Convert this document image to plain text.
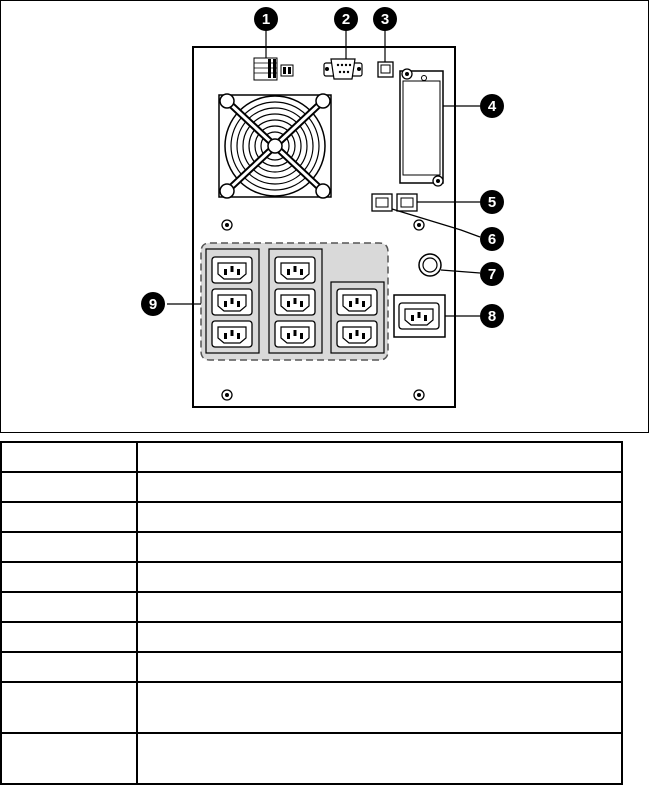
1	2 3
4
5
6
7
8
9
